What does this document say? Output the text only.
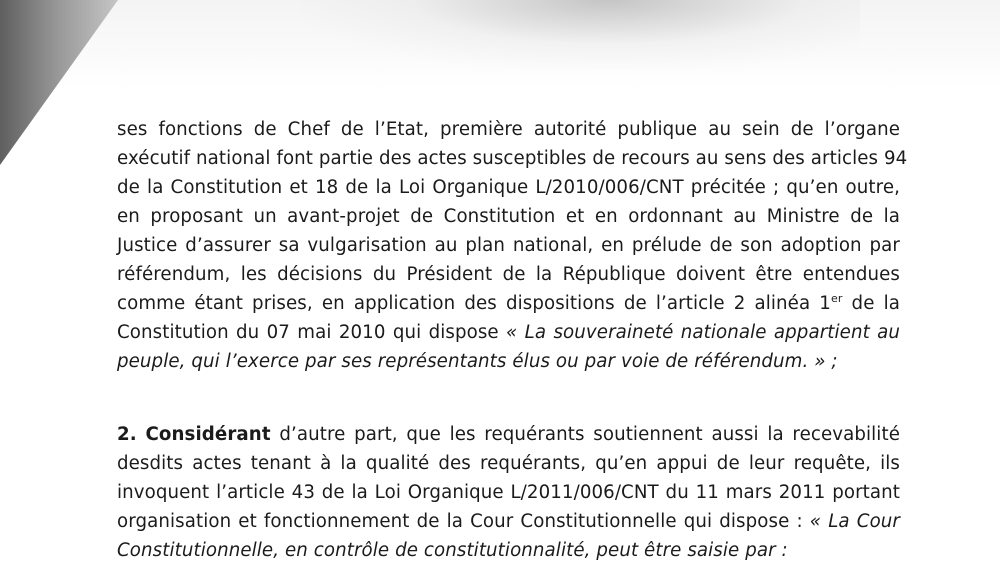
ses fonctions de Chef de l’Etat, première autorité publique au sein de l’organe
exécutif national font partie des actes susceptibles de recours au sens des articles 94
de la Constitution et 18 de la Loi Organique L/2010/006/CNT précitée ; qu’en outre,
en proposant un avant-projet de Constitution et en ordonnant au Ministre de la
Justice d’assurer sa vulgarisation au plan national, en prélude de son adoption par
référendum, les décisions du Président de la République doivent être entendues
comme étant prises, en application des dispositions de l’article 2 alinéa 1er de la
Constitution du 07 mai 2010 qui dispose « La souveraineté nationale appartient au
peuple, qui l’exerce par ses représentants élus ou par voie de référendum. » ;
2. Considérant d’autre part, que les requérants soutiennent aussi la recevabilité
desdits actes tenant à la qualité des requérants, qu’en appui de leur requête, ils
invoquent l’article 43 de la Loi Organique L/2011/006/CNT du 11 mars 2011 portant
organisation et fonctionnement de la Cour Constitutionnelle qui dispose : « La Cour
Constitutionnelle, en contrôle de constitutionnalité, peut être saisie par :
